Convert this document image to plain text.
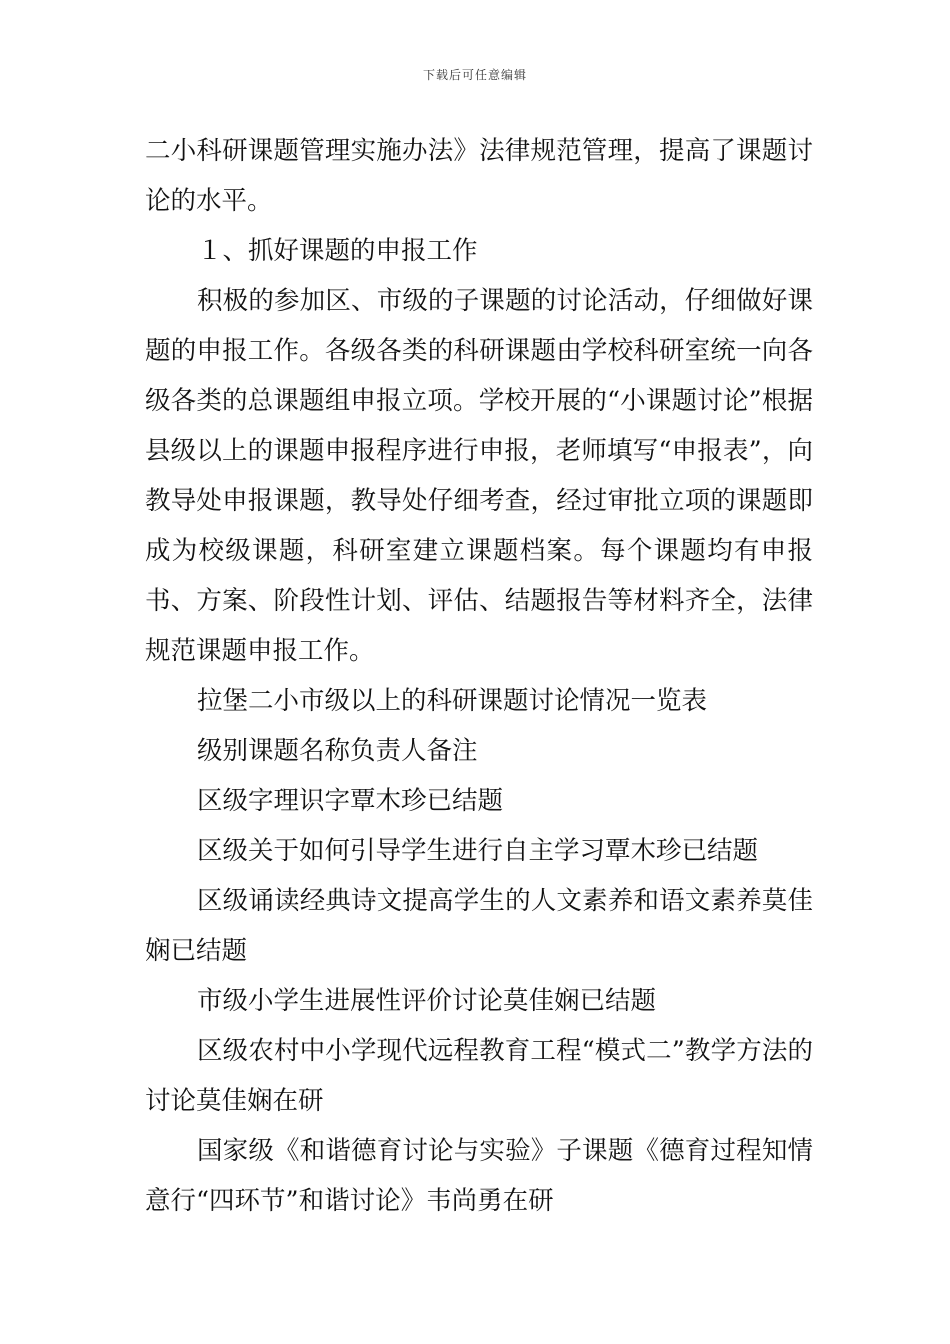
下载后可任意编辑

二小科研课题管理实施办法》法律规范管理，提高了课题讨论的水平。

１、抓好课题的申报工作

积极的参加区、市级的子课题的讨论活动，仔细做好课题的申报工作。各级各类的科研课题由学校科研室统一向各级各类的总课题组申报立项。学校开展的“小课题讨论”根据县级以上的课题申报程序进行申报，老师填写“申报表”，向教导处申报课题，教导处仔细考查，经过审批立项的课题即成为校级课题，科研室建立课题档案。每个课题均有申报书、方案、阶段性计划、评估、结题报告等材料齐全，法律规范课题申报工作。

拉堡二小市级以上的科研课题讨论情况一览表

级别课题名称负责人备注

区级字理识字覃木珍已结题

区级关于如何引导学生进行自主学习覃木珍已结题

区级诵读经典诗文提高学生的人文素养和语文素养莫佳娴已结题

市级小学生进展性评价讨论莫佳娴已结题

区级农村中小学现代远程教育工程“模式二”教学方法的讨论莫佳娴在研

国家级《和谐德育讨论与实验》子课题《德育过程知情意行“四环节”和谐讨论》韦尚勇在研
